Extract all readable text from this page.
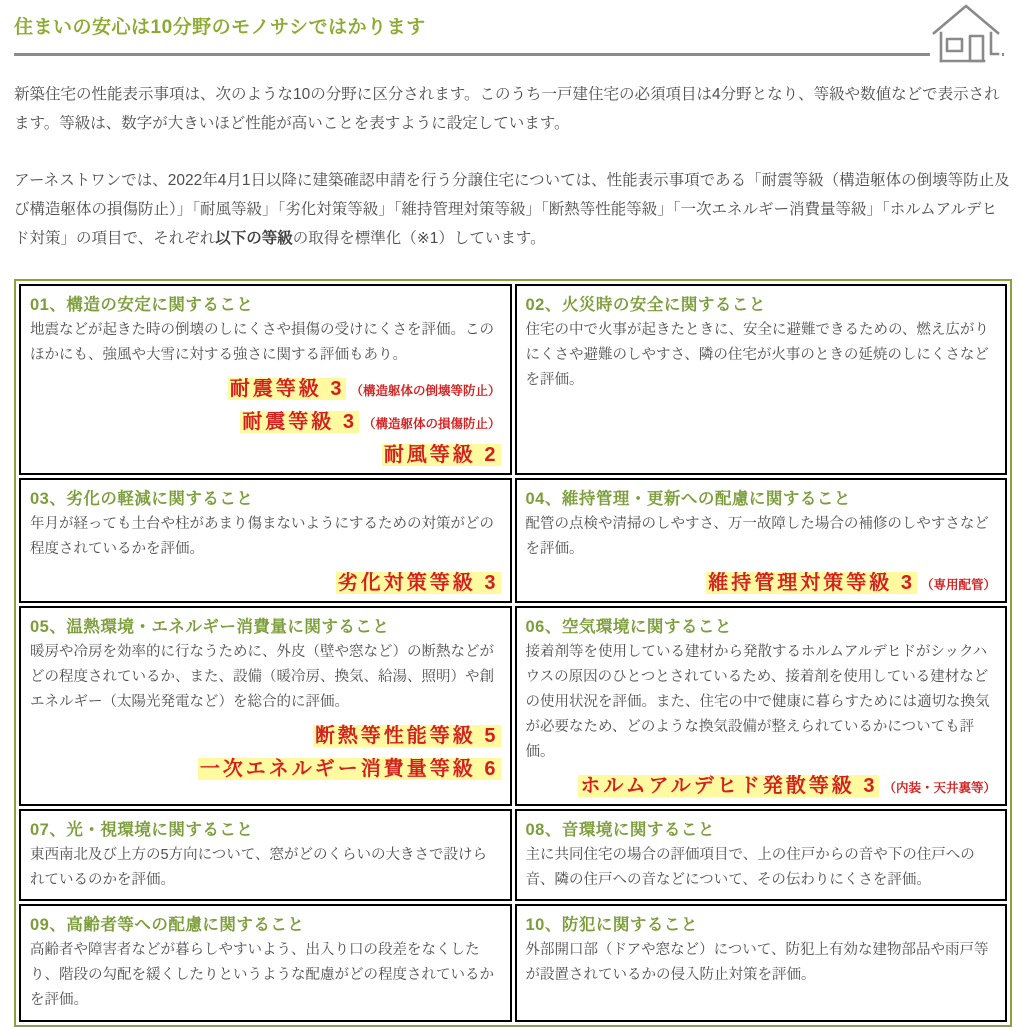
住まいの安心は10分野のモノサシではかります

新築住宅の性能表示事項は、次のような10の分野に区分されます。このうち一戸建住宅の必須項目は4分野となり、等級や数値などで表示されます。等級は、数字が大きいほど性能が高いことを表すように設定しています。

アーネストワンでは、2022年4月1日以降に建築確認申請を行う分譲住宅については、性能表示事項である「耐震等級（構造躯体の倒壊等防止及び構造躯体の損傷防止）」「耐風等級」「劣化対策等級」「維持管理対策等級」「断熱等性能等級」「一次エネルギー消費量等級」「ホルムアルデヒド対策」の項目で、それぞれ以下の等級の取得を標準化（※1）しています。

01、構造の安定に関すること
地震などが起きた時の倒壊のしにくさや損傷の受けにくさを評価。このほかにも、強風や大雪に対する強さに関する評価もあり。
耐震等級 3 （構造躯体の倒壊等防止）
耐震等級 3 （構造躯体の損傷防止）
耐風等級 2

02、火災時の安全に関すること
住宅の中で火事が起きたときに、安全に避難できるための、燃え広がりにくさや避難のしやすさ、隣の住宅が火事のときの延焼のしにくさなどを評価。

03、劣化の軽減に関すること
年月が経っても土台や柱があまり傷まないようにするための対策がどの程度されているかを評価。
劣化対策等級 3

04、維持管理・更新への配慮に関すること
配管の点検や清掃のしやすさ、万一故障した場合の補修のしやすさなどを評価。
維持管理対策等級 3 （専用配管）

05、温熱環境・エネルギー消費量に関すること
暖房や冷房を効率的に行なうために、外皮（壁や窓など）の断熱などがどの程度されているか、また、設備（暖冷房、換気、給湯、照明）や創エネルギー（太陽光発電など）を総合的に評価。
断熱等性能等級 5
一次エネルギー消費量等級 6

06、空気環境に関すること
接着剤等を使用している建材から発散するホルムアルデヒドがシックハウスの原因のひとつとされているため、接着剤を使用している建材などの使用状況を評価。また、住宅の中で健康に暮らすためには適切な換気が必要なため、どのような換気設備が整えられているかについても評価。
ホルムアルデヒド発散等級 3 （内装・天井裏等）

07、光・視環境に関すること
東西南北及び上方の5方向について、窓がどのくらいの大きさで設けられているのかを評価。

08、音環境に関すること
主に共同住宅の場合の評価項目で、上の住戸からの音や下の住戸への音、隣の住戸への音などについて、その伝わりにくさを評価。

09、高齢者等への配慮に関すること
高齢者や障害者などが暮らしやすいよう、出入り口の段差をなくしたり、階段の勾配を緩くしたりというような配慮がどの程度されているかを評価。

10、防犯に関すること
外部開口部（ドアや窓など）について、防犯上有効な建物部品や雨戸等が設置されているかの侵入防止対策を評価。
